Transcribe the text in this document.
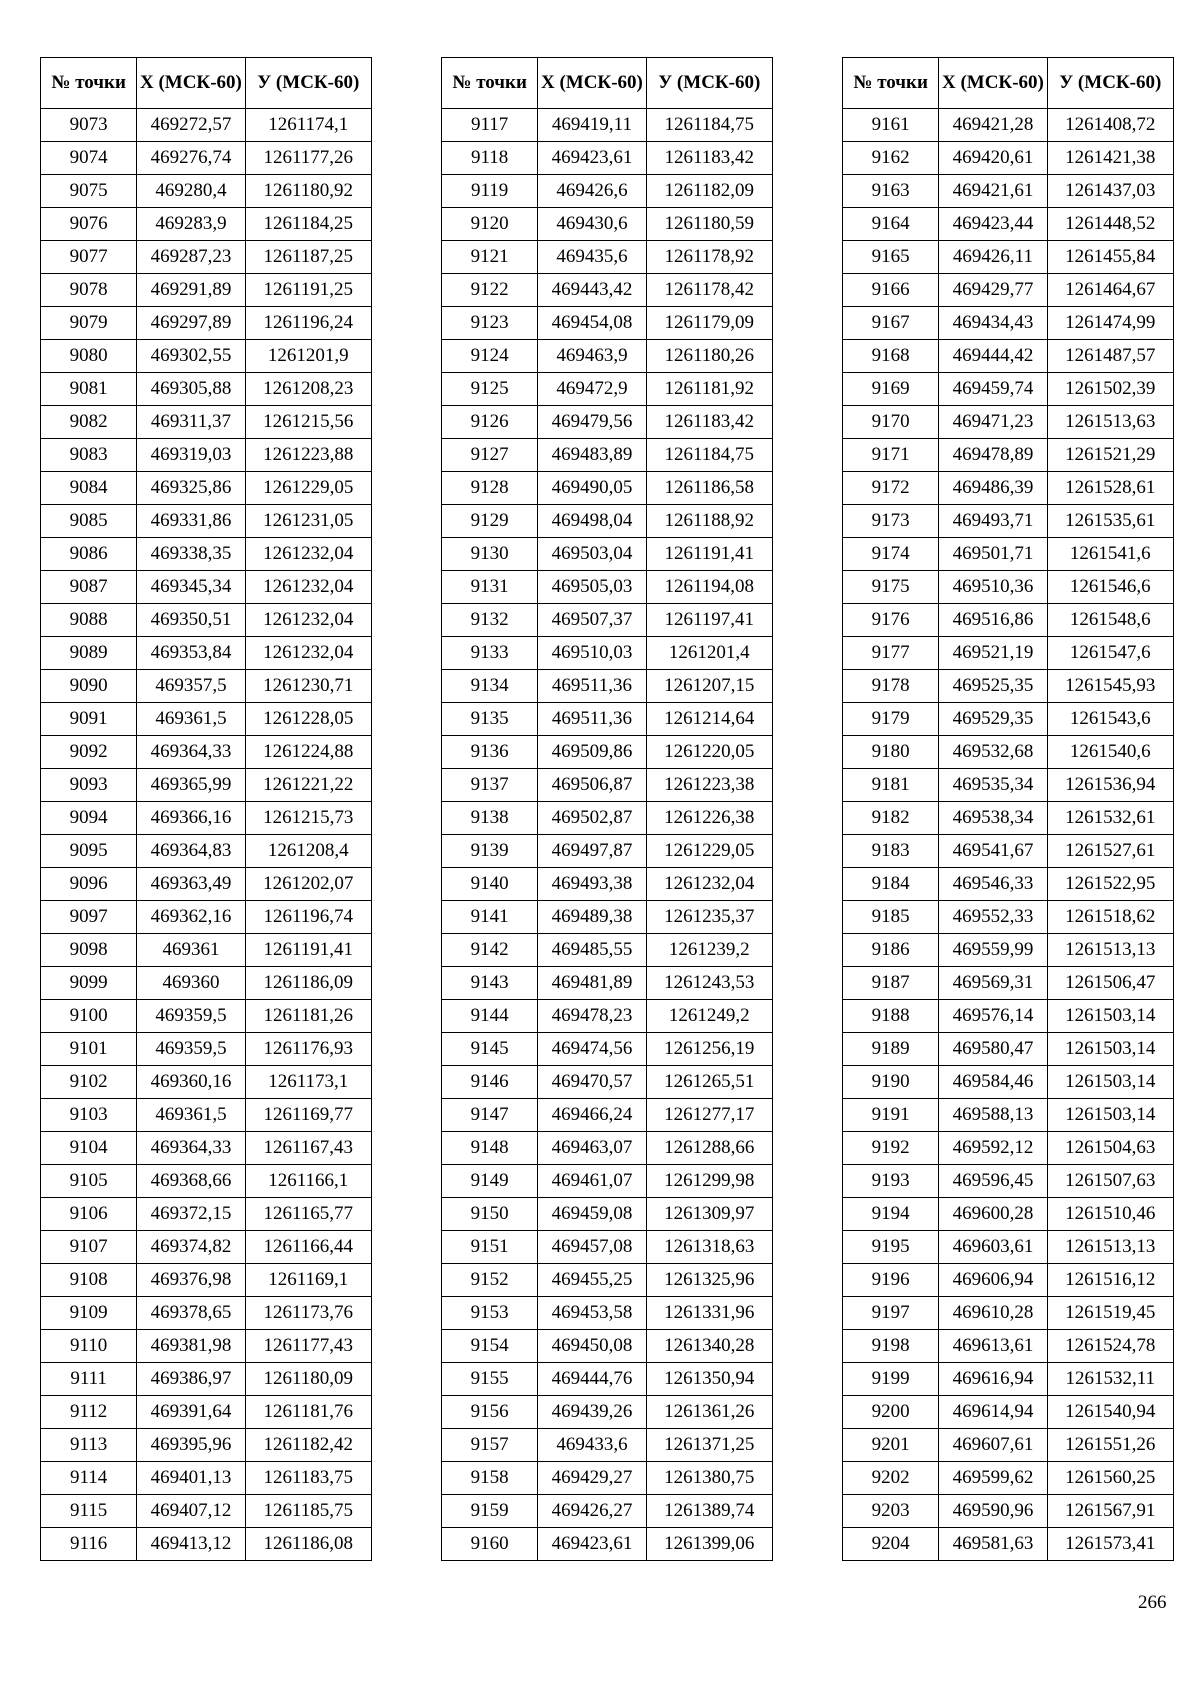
№ точки	X (МСК-60)	У (МСК-60)
9073	469272,57	1261174,1
9074	469276,74	1261177,26
9075	469280,4	1261180,92
9076	469283,9	1261184,25
9077	469287,23	1261187,25
9078	469291,89	1261191,25
9079	469297,89	1261196,24
9080	469302,55	1261201,9
9081	469305,88	1261208,23
9082	469311,37	1261215,56
9083	469319,03	1261223,88
9084	469325,86	1261229,05
9085	469331,86	1261231,05
9086	469338,35	1261232,04
9087	469345,34	1261232,04
9088	469350,51	1261232,04
9089	469353,84	1261232,04
9090	469357,5	1261230,71
9091	469361,5	1261228,05
9092	469364,33	1261224,88
9093	469365,99	1261221,22
9094	469366,16	1261215,73
9095	469364,83	1261208,4
9096	469363,49	1261202,07
9097	469362,16	1261196,74
9098	469361	1261191,41
9099	469360	1261186,09
9100	469359,5	1261181,26
9101	469359,5	1261176,93
9102	469360,16	1261173,1
9103	469361,5	1261169,77
9104	469364,33	1261167,43
9105	469368,66	1261166,1
9106	469372,15	1261165,77
9107	469374,82	1261166,44
9108	469376,98	1261169,1
9109	469378,65	1261173,76
9110	469381,98	1261177,43
9111	469386,97	1261180,09
9112	469391,64	1261181,76
9113	469395,96	1261182,42
9114	469401,13	1261183,75
9115	469407,12	1261185,75
9116	469413,12	1261186,08
№ точки	X (МСК-60)	У (МСК-60)
9117	469419,11	1261184,75
9118	469423,61	1261183,42
9119	469426,6	1261182,09
9120	469430,6	1261180,59
9121	469435,6	1261178,92
9122	469443,42	1261178,42
9123	469454,08	1261179,09
9124	469463,9	1261180,26
9125	469472,9	1261181,92
9126	469479,56	1261183,42
9127	469483,89	1261184,75
9128	469490,05	1261186,58
9129	469498,04	1261188,92
9130	469503,04	1261191,41
9131	469505,03	1261194,08
9132	469507,37	1261197,41
9133	469510,03	1261201,4
9134	469511,36	1261207,15
9135	469511,36	1261214,64
9136	469509,86	1261220,05
9137	469506,87	1261223,38
9138	469502,87	1261226,38
9139	469497,87	1261229,05
9140	469493,38	1261232,04
9141	469489,38	1261235,37
9142	469485,55	1261239,2
9143	469481,89	1261243,53
9144	469478,23	1261249,2
9145	469474,56	1261256,19
9146	469470,57	1261265,51
9147	469466,24	1261277,17
9148	469463,07	1261288,66
9149	469461,07	1261299,98
9150	469459,08	1261309,97
9151	469457,08	1261318,63
9152	469455,25	1261325,96
9153	469453,58	1261331,96
9154	469450,08	1261340,28
9155	469444,76	1261350,94
9156	469439,26	1261361,26
9157	469433,6	1261371,25
9158	469429,27	1261380,75
9159	469426,27	1261389,74
9160	469423,61	1261399,06
№ точки	X (МСК-60)	У (МСК-60)
9161	469421,28	1261408,72
9162	469420,61	1261421,38
9163	469421,61	1261437,03
9164	469423,44	1261448,52
9165	469426,11	1261455,84
9166	469429,77	1261464,67
9167	469434,43	1261474,99
9168	469444,42	1261487,57
9169	469459,74	1261502,39
9170	469471,23	1261513,63
9171	469478,89	1261521,29
9172	469486,39	1261528,61
9173	469493,71	1261535,61
9174	469501,71	1261541,6
9175	469510,36	1261546,6
9176	469516,86	1261548,6
9177	469521,19	1261547,6
9178	469525,35	1261545,93
9179	469529,35	1261543,6
9180	469532,68	1261540,6
9181	469535,34	1261536,94
9182	469538,34	1261532,61
9183	469541,67	1261527,61
9184	469546,33	1261522,95
9185	469552,33	1261518,62
9186	469559,99	1261513,13
9187	469569,31	1261506,47
9188	469576,14	1261503,14
9189	469580,47	1261503,14
9190	469584,46	1261503,14
9191	469588,13	1261503,14
9192	469592,12	1261504,63
9193	469596,45	1261507,63
9194	469600,28	1261510,46
9195	469603,61	1261513,13
9196	469606,94	1261516,12
9197	469610,28	1261519,45
9198	469613,61	1261524,78
9199	469616,94	1261532,11
9200	469614,94	1261540,94
9201	469607,61	1261551,26
9202	469599,62	1261560,25
9203	469590,96	1261567,91
9204	469581,63	1261573,41
266
